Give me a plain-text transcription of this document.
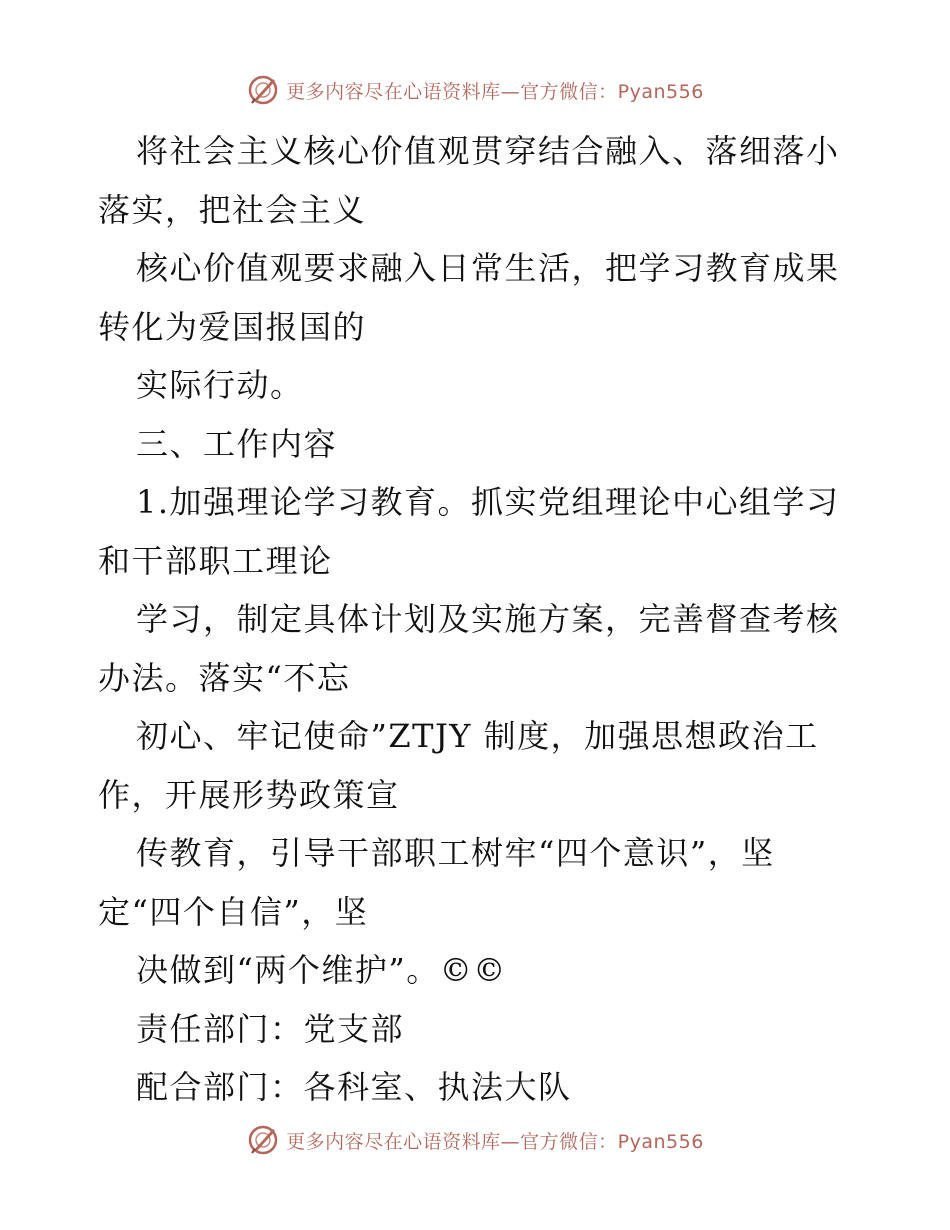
更多内容尽在心语资料库—官方微信：Pyan556
将社会主义核心价值观贯穿结合融入、落细落小
落实，把社会主义
核心价值观要求融入日常生活，把学习教育成果
转化为爱国报国的
实际行动。
三、工作内容
1.加强理论学习教育。抓实党组理论中心组学习
和干部职工理论
学习，制定具体计划及实施方案，完善督查考核
办法。落实“不忘
初心、牢记使命”ZTJY 制度，加强思想政治工
作，开展形势政策宣
传教育，引导干部职工树牢“四个意识”，坚
定“四个自信”，坚
决做到“两个维护”。©©
责任部门：党支部
配合部门：各科室、执法大队
更多内容尽在心语资料库—官方微信：Pyan556
